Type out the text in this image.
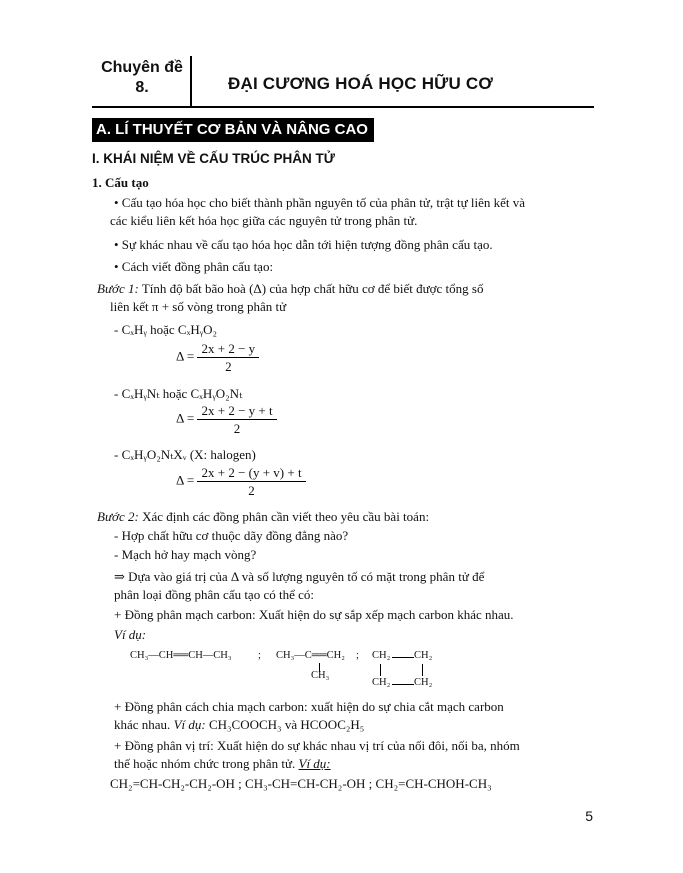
Chuyên đề
8.	ĐẠI CƯƠNG HOÁ HỌC HỮU CƠ
A. LÍ THUYẾT CƠ BẢN VÀ NÂNG CAO
I. KHÁI NIỆM VỀ CẤU TRÚC PHÂN TỬ
1. Cấu tạo
• Cấu tạo hóa học cho biết thành phần nguyên tố của phân tử, trật tự liên kết và
các kiểu liên kết hóa học giữa các nguyên tử trong phân tử.
• Sự khác nhau về cấu tạo hóa học dẫn tới hiện tượng đồng phân cấu tạo.
• Cách viết đồng phân cấu tạo:
Bước 1: Tính độ bất bão hoà (Δ) của hợp chất hữu cơ để biết được tổng số
liên kết π + số vòng trong phân tử
- CₓHᵧ hoặc CₓHᵧO₂
$\Delta = \frac{2x + 2 - y}{2}$
- CₓHᵧNₜ hoặc CₓHᵧO₂Nₜ
$\Delta = \frac{2x + 2 - y + t}{2}$
- CₓHᵧO₂NₜXᵥ (X: halogen)
$\Delta = \frac{2x + 2 - (y + v) + t}{2}$
Bước 2: Xác định các đồng phân cần viết theo yêu cầu bài toán:
- Hợp chất hữu cơ thuộc dãy đồng đẳng nào?
- Mạch hở hay mạch vòng?
⇒ Dựa vào giá trị của Δ và số lượng nguyên tố có mặt trong phân tử để
phân loại đồng phân cấu tạo có thể có:
+ Đồng phân mạch carbon: Xuất hiện do sự sắp xếp mạch carbon khác nhau.
Ví dụ:
CH₃—CH══CH—CH₃	; CH₃—C══CH₂
CH₃
; CH₂ CH₂
CH₂ CH₂
+ Đồng phân cách chia mạch carbon: xuất hiện do sự chia cắt mạch carbon
khác nhau. Ví dụ: CH₃COOCH₃ và HCOOC₂H₅
+ Đồng phân vị trí: Xuất hiện do sự khác nhau vị trí của nối đôi, nối ba, nhóm
thế hoặc nhóm chức trong phân tử. Ví dụ:
CH₂=CH-CH₂-CH₂-OH ; CH₃-CH=CH-CH₂-OH ; CH₂=CH-CHOH-CH₃
5
